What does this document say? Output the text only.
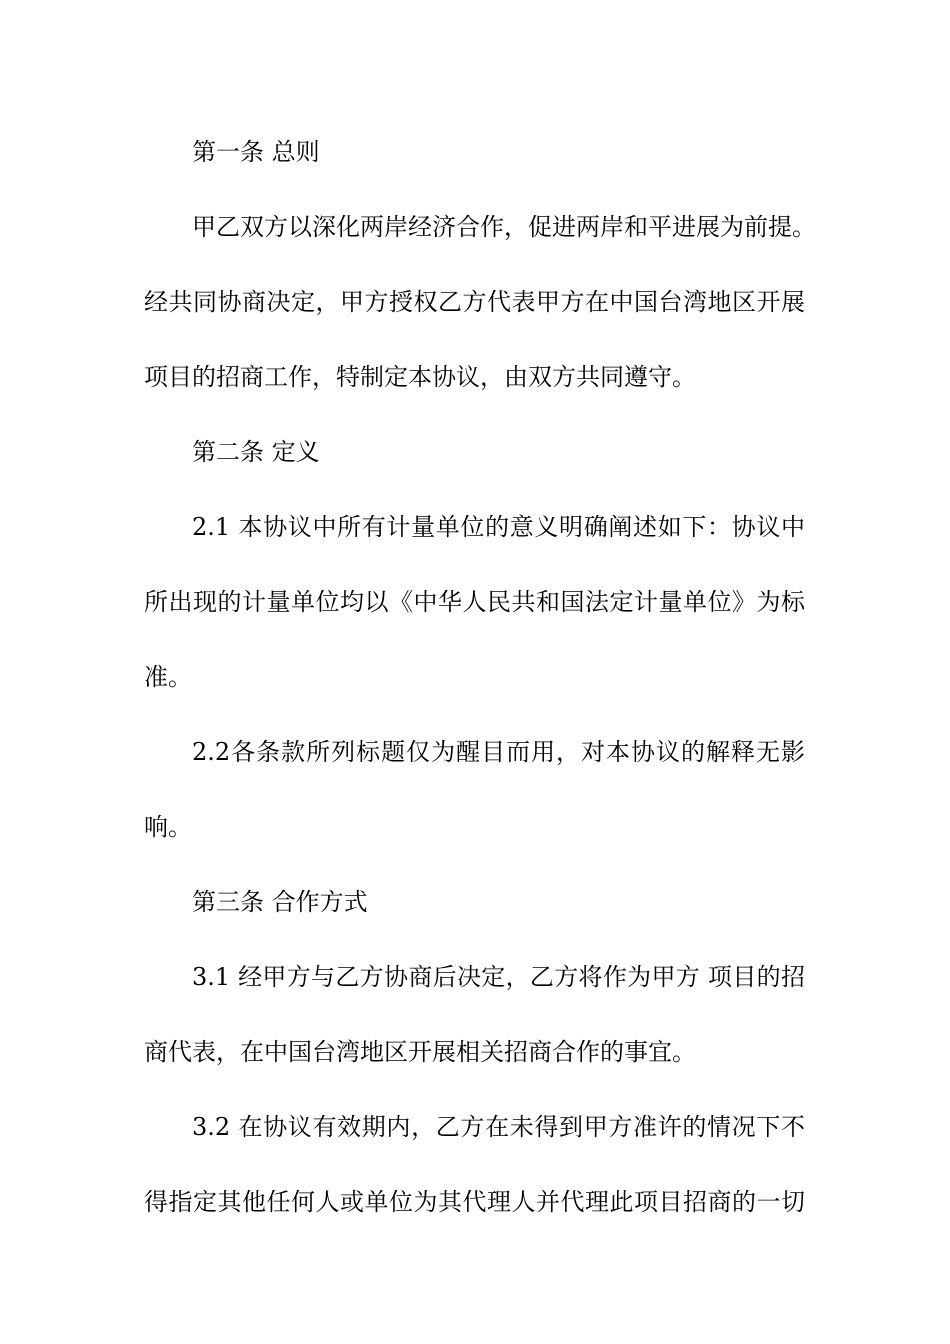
第一条 总则
甲乙双方以深化两岸经济合作，促进两岸和平进展为前提。
经共同协商决定，甲方授权乙方代表甲方在中国台湾地区开展
项目的招商工作，特制定本协议，由双方共同遵守。
第二条 定义
2.1 本协议中所有计量单位的意义明确阐述如下：协议中
所出现的计量单位均以《中华人民共和国法定计量单位》为标
准。
2.2各条款所列标题仅为醒目而用，对本协议的解释无影
响。
第三条 合作方式
3.1 经甲方与乙方协商后决定，乙方将作为甲方 项目的招
商代表，在中国台湾地区开展相关招商合作的事宜。
3.2 在协议有效期内，乙方在未得到甲方准许的情况下不
得指定其他任何人或单位为其代理人并代理此项目招商的一切
